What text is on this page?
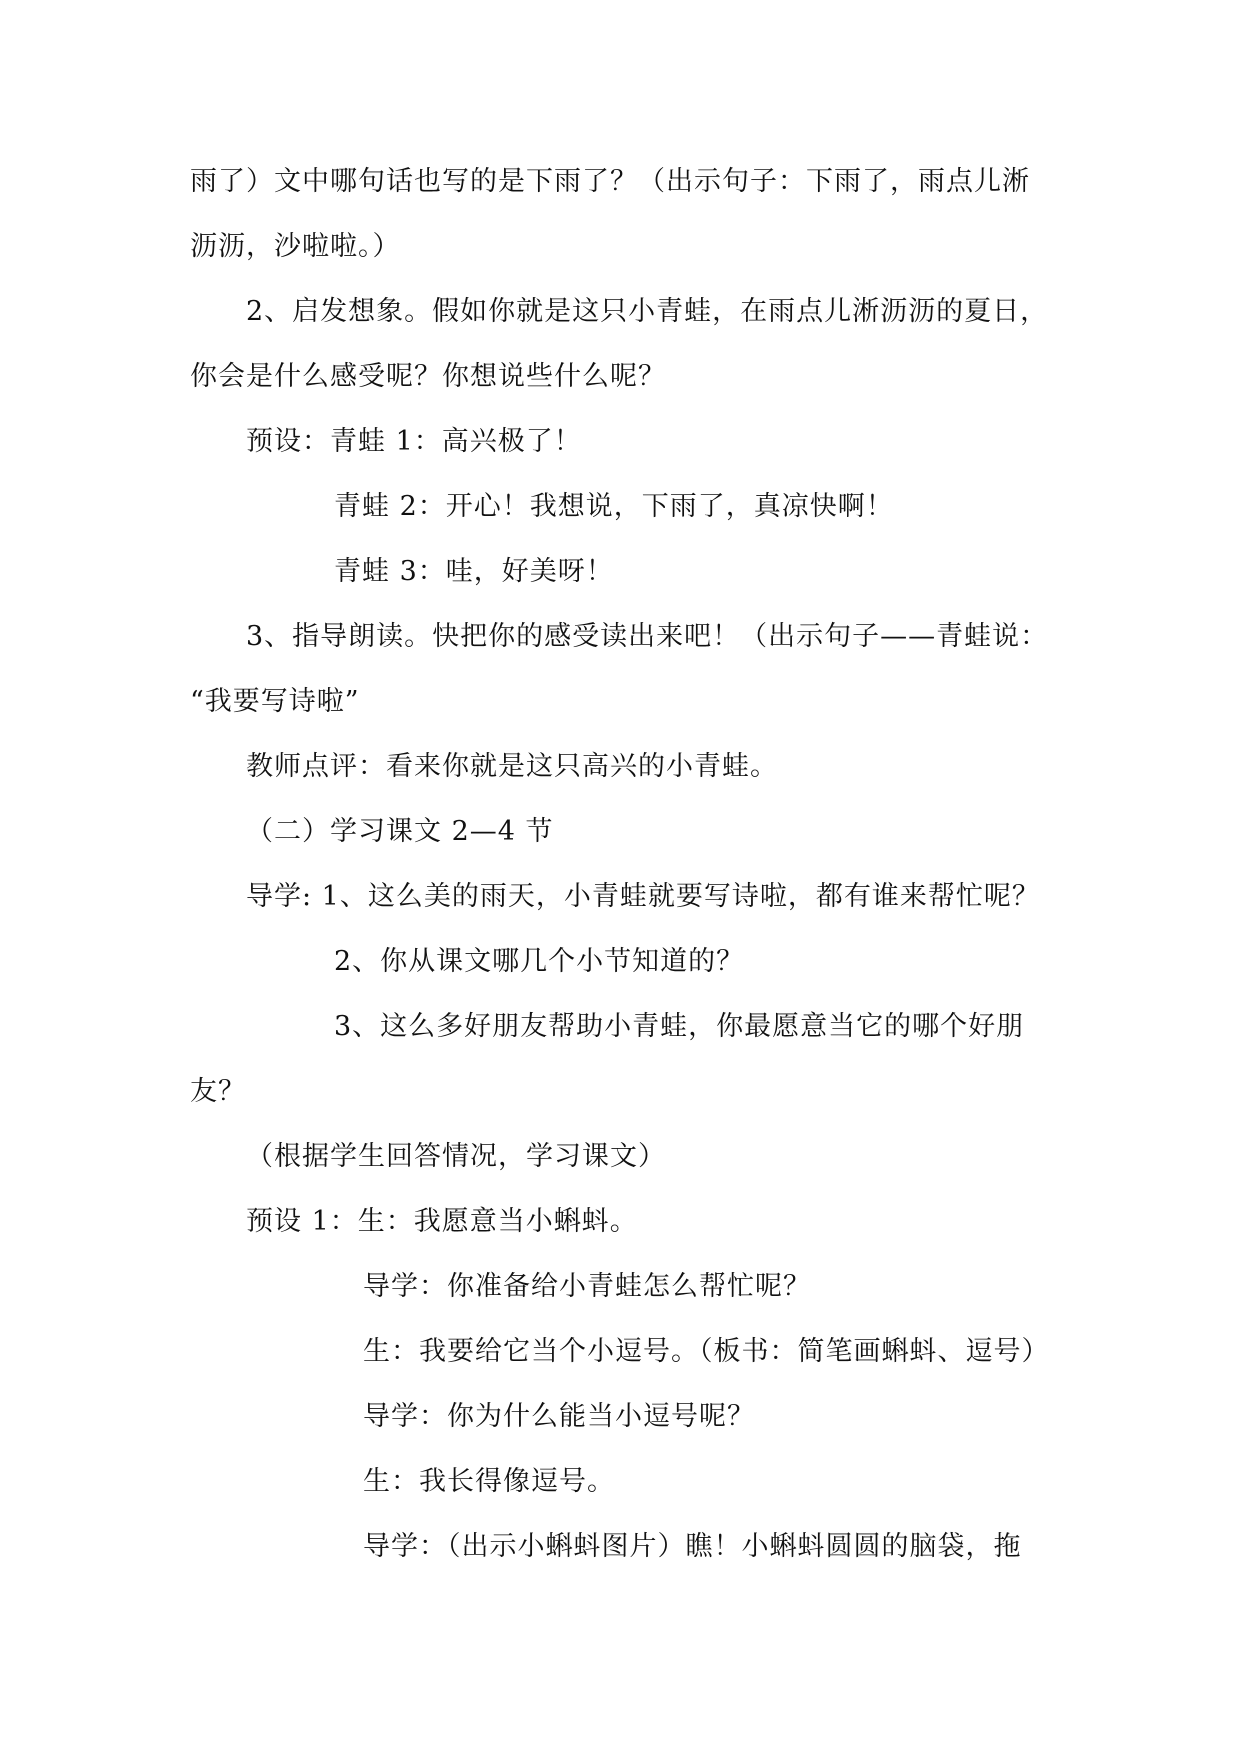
雨了）文中哪句话也写的是下雨了？（出示句子：下雨了，雨点儿淅
沥沥，沙啦啦。）
2、启发想象。假如你就是这只小青蛙，在雨点儿淅沥沥的夏日，
你会是什么感受呢？你想说些什么呢？
预设：青蛙 1：高兴极了！
青蛙 2：开心！我想说，下雨了，真凉快啊！
青蛙 3：哇，好美呀！
3、指导朗读。快把你的感受读出来吧！（出示句子——青蛙说：
“我要写诗啦”
教师点评：看来你就是这只高兴的小青蛙。
（二）学习课文 2—4 节
导学: 1、这么美的雨天，小青蛙就要写诗啦，都有谁来帮忙呢？
2、你从课文哪几个小节知道的？
3、这么多好朋友帮助小青蛙，你最愿意当它的哪个好朋
友？
（根据学生回答情况，学习课文）
预设 1：生：我愿意当小蝌蚪。
导学：你准备给小青蛙怎么帮忙呢？
生：我要给它当个小逗号。（板书：简笔画蝌蚪、逗号）
导学：你为什么能当小逗号呢？
生：我长得像逗号。
导学：（出示小蝌蚪图片）瞧！小蝌蚪圆圆的脑袋，拖
